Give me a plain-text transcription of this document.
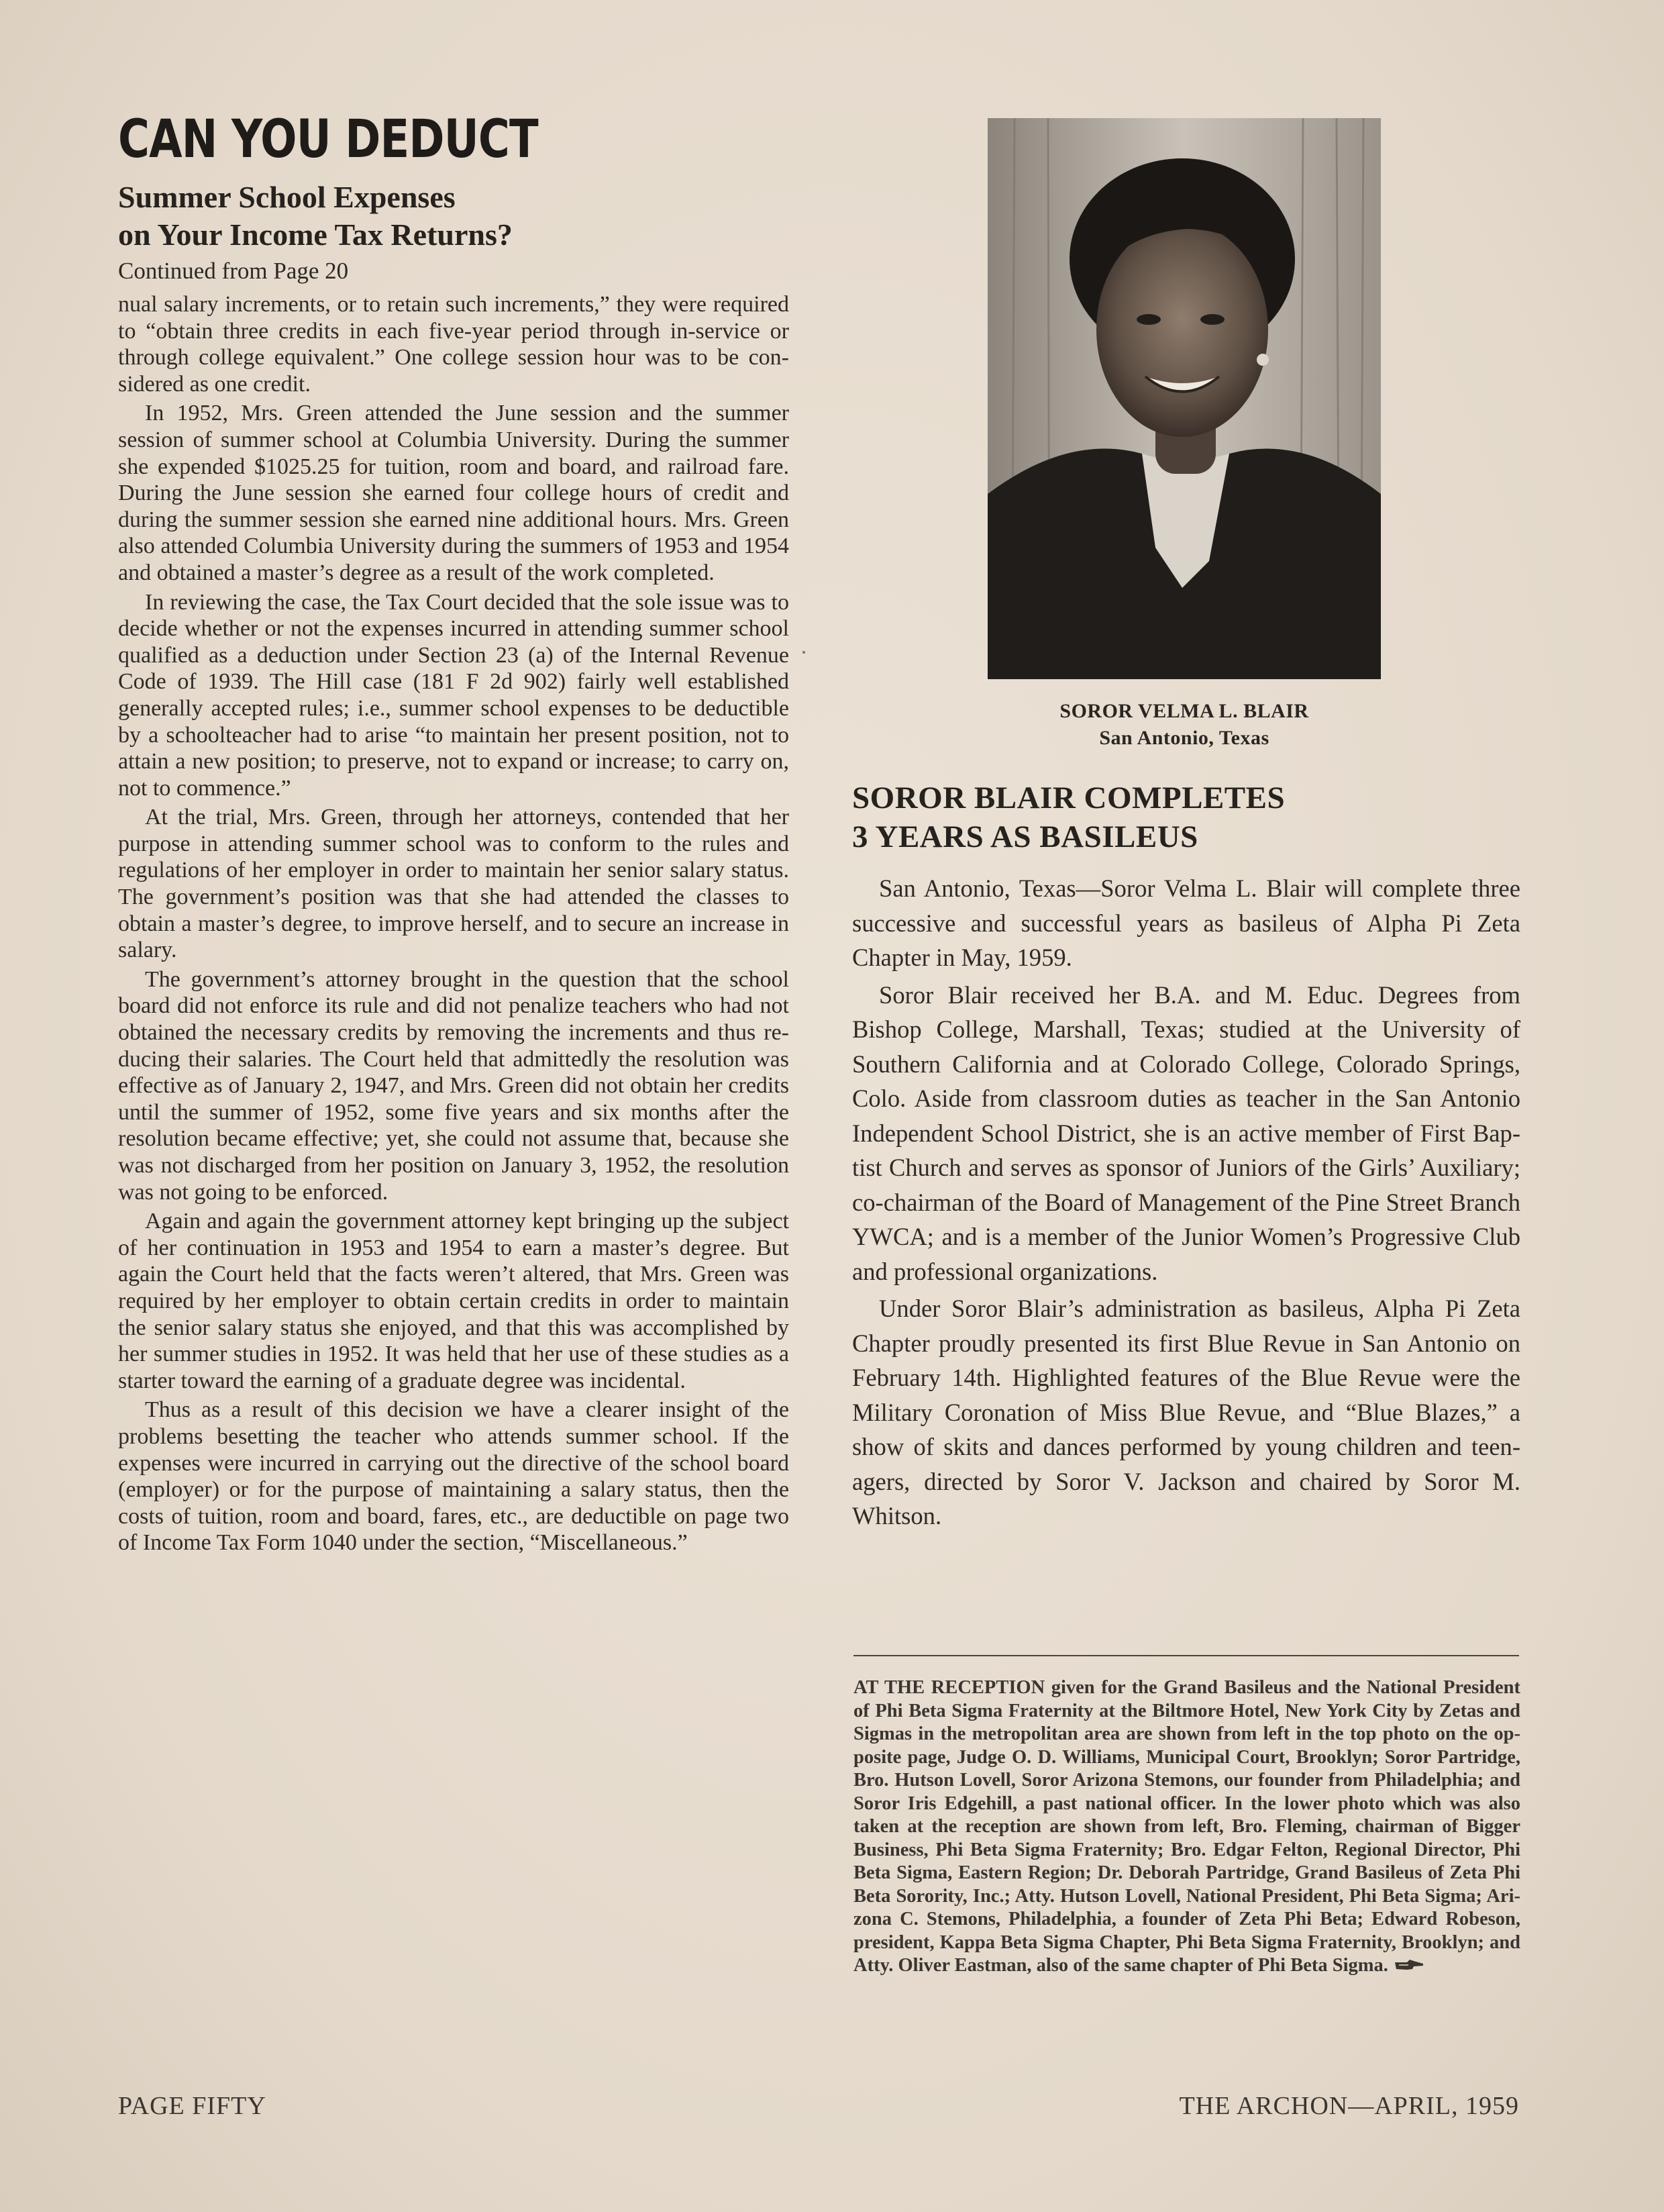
CAN YOU DEDUCT
Summer School Expenses
on Your Income Tax Returns?
Continued from Page 20

nual salary increments, or to retain such increments,” they were required to “obtain three credits in each five-year period through in-service or through college equivalent.” One college session hour was to be considered as one credit.

In 1952, Mrs. Green attended the June session and the summer session of summer school at Columbia University. During the summer she expended $1025.25 for tuition, room and board, and railroad fare. During the June session she earned four college hours of credit and during the summer session she earned nine additional hours. Mrs. Green also attended Columbia University during the summers of 1953 and 1954 and obtained a master’s degree as a result of the work completed.

In reviewing the case, the Tax Court decided that the sole issue was to decide whether or not the expenses incurred in attending summer school qualified as a deduction under Section 23 (a) of the Internal Revenue Code of 1939. The Hill case (181 F 2d 902) fairly well established generally accepted rules; i.e., summer school expenses to be deductible by a schoolteacher had to arise “to maintain her present position, not to attain a new position; to preserve, not to expand or increase; to carry on, not to commence.”

At the trial, Mrs. Green, through her attorneys, contended that her purpose in attending summer school was to conform to the rules and regulations of her employer in order to maintain her senior salary status. The government’s position was that she had attended the classes to obtain a master’s degree, to improve herself, and to secure an increase in salary.

The government’s attorney brought in the question that the school board did not enforce its rule and did not penalize teachers who had not obtained the necessary credits by removing the increments and thus reducing their salaries. The Court held that admittedly the resolution was effective as of January 2, 1947, and Mrs. Green did not obtain her credits until the summer of 1952, some five years and six months after the resolution became effective; yet, she could not assume that, because she was not discharged from her position on January 3, 1952, the resolution was not going to be enforced.

Again and again the government attorney kept bringing up the subject of her continuation in 1953 and 1954 to earn a master’s degree. But again the Court held that the facts weren’t altered, that Mrs. Green was required by her employer to obtain certain credits in order to maintain the senior salary status she enjoyed, and that this was accomplished by her summer studies in 1952. It was held that her use of these studies as a starter toward the earning of a graduate degree was incidental.

Thus as a result of this decision we have a clearer insight of the problems besetting the teacher who attends summer school. If the expenses were incurred in carrying out the directive of the school board (employer) or for the purpose of maintaining a salary status, then the costs of tuition, room and board, fares, etc., are deductible on page two of Income Tax Form 1040 under the section, “Miscellaneous.”

SOROR VELMA L. BLAIR
San Antonio, Texas
SOROR BLAIR COMPLETES
3 YEARS AS BASILEUS

San Antonio, Texas—Soror Velma L. Blair will complete three successive and successful years as basileus of Alpha Pi Zeta Chapter in May, 1959.

Soror Blair received her B.A. and M. Educ. Degrees from Bishop College, Marshall, Texas; studied at the University of Southern California and at Colorado College, Colorado Springs, Colo. Aside from classroom duties as teacher in the San Antonio Independent School District, she is an active member of First Baptist Church and serves as sponsor of Juniors of the Girls’ Auxiliary; co-chairman of the Board of Management of the Pine Street Branch YWCA; and is a member of the Junior Women’s Progressive Club and professional organizations.

Under Soror Blair’s administration as basileus, Alpha Pi Zeta Chapter proudly presented its first Blue Revue in San Antonio on February 14th. Highlighted features of the Blue Revue were the Military Coronation of Miss Blue Revue, and “Blue Blazes,” a show of skits and dances performed by young children and teenagers, directed by Soror V. Jackson and chaired by Soror M. Whitson.

AT THE RECEPTION given for the Grand Basileus and the National President of Phi Beta Sigma Fraternity at the Biltmore Hotel, New York City by Zetas and Sigmas in the metropolitan area are shown from left in the top photo on the opposite page, Judge O. D. Williams, Municipal Court, Brooklyn; Soror Partridge, Bro. Hutson Lovell, Soror Arizona Stemons, our founder from Philadelphia; and Soror Iris Edgehill, a past national officer. In the lower photo which was also taken at the reception are shown from left, Bro. Fleming, chairman of Bigger Business, Phi Beta Sigma Fraternity; Bro. Edgar Felton, Regional Director, Phi Beta Sigma, Eastern Region; Dr. Deborah Partridge, Grand Basileus of Zeta Phi Beta Sorority, Inc.; Atty. Hutson Lovell, National President, Phi Beta Sigma; Arizona C. Stemons, Philadelphia, a founder of Zeta Phi Beta; Edward Robeson, president, Kappa Beta Sigma Chapter, Phi Beta Sigma Fraternity, Brooklyn; and Atty. Oliver Eastman, also of the same chapter of Phi Beta Sigma.

PAGE FIFTY	THE ARCHON—APRIL, 1959
